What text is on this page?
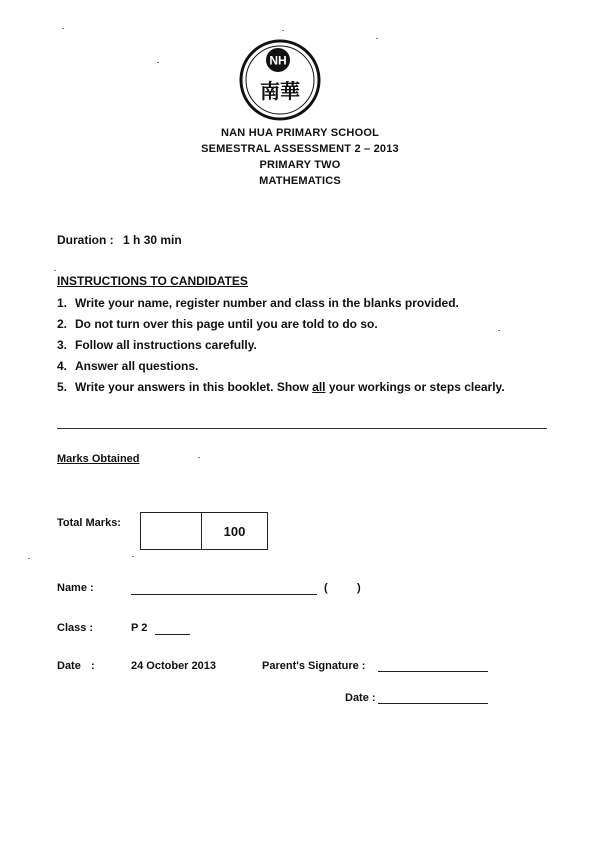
NH
南華
NAN HUA PRIMARY SCHOOL
SEMESTRAL ASSESSMENT 2 – 2013
PRIMARY TWO
MATHEMATICS
Duration : 1 h 30 min
INSTRUCTIONS TO CANDIDATES
1. Write your name, register number and class in the blanks provided.
2. Do not turn over this page until you are told to do so.
3. Follow all instructions carefully.
4. Answer all questions.
5. Write your answers in this booklet. Show all your workings or steps clearly.
Marks Obtained
Total Marks:
100
Name :	(	)
Class :	P 2
Date :	24 October 2013	Parent's Signature :
Date :
